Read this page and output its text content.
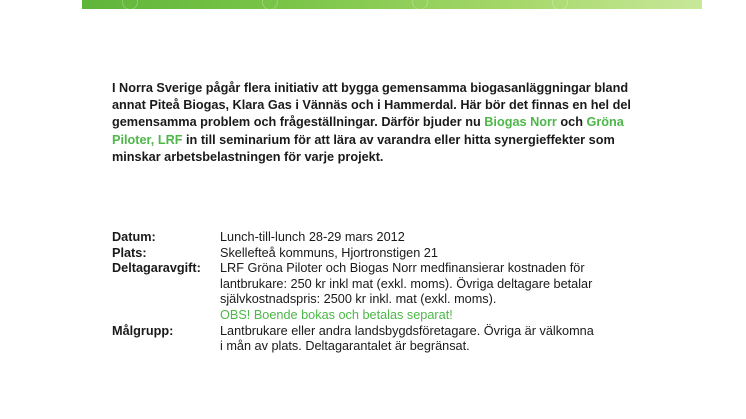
I Norra Sverige pågår flera initiativ att bygga gemensamma biogasanläggningar bland annat Piteå Biogas, Klara Gas i Vännäs och i Hammerdal. Här bör det finnas en hel del gemensamma problem och frågeställningar. Därför bjuder nu Biogas Norr och Gröna Piloter, LRF in till seminarium för att lära av varandra eller hitta synergieffekter som minskar arbetsbelastningen för varje projekt.

Datum:	Lunch-till-lunch 28-29 mars 2012
Plats:	Skellefteå kommuns, Hjortronstigen 21
Deltagaravgift:	LRF Gröna Piloter och Biogas Norr medfinansierar kostnaden för
lantbrukare: 250 kr inkl mat (exkl. moms). Övriga deltagare betalar
självkostnadspris: 2500 kr inkl. mat (exkl. moms).
OBS! Boende bokas och betalas separat!
Målgrupp:	Lantbrukare eller andra landsbygdsföretagare. Övriga är välkomna
i mån av plats. Deltagarantalet är begränsat.
